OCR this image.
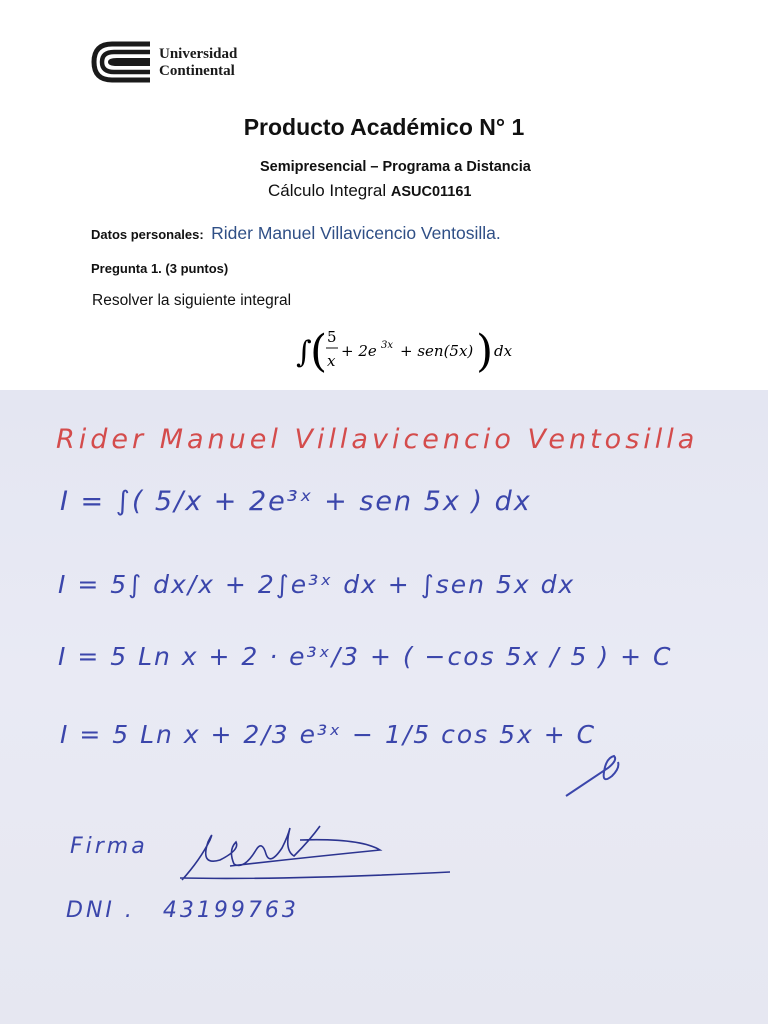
Universidad
Continental
Producto Académico N° 1
Semipresencial – Programa a Distancia
Cálculo Integral ASUC01161
Datos personales: Rider Manuel Villavicencio Ventosilla.
Pregunta 1. (3 puntos)
Resolver la siguiente integral
∫
( 5
x
+ 2e 3x + sen(5x) ) dx
Rider Manuel Villavicencio Ventosilla
I = ∫( 5/x + 2e³ˣ + sen 5x ) dx
I = 5∫ dx/x + 2∫e³ˣ dx + ∫sen 5x dx
I = 5 Ln x + 2 · e³ˣ/3 + ( −cos 5x / 5 ) + C
I = 5 Ln x + 2/3 e³ˣ − 1/5 cos 5x + C
Firma
DNI . 43199763
